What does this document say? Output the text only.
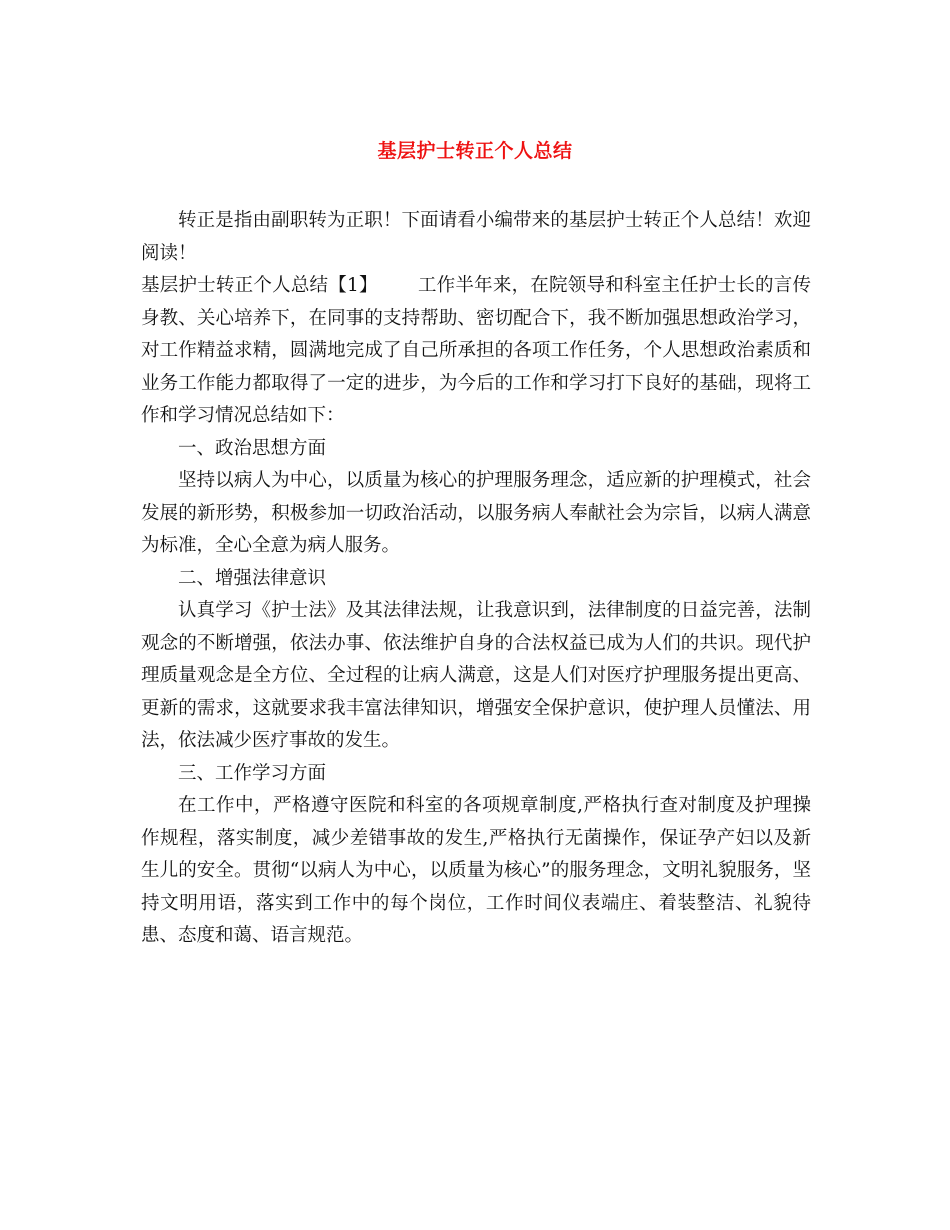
基层护士转正个人总结

转正是指由副职转为正职！下面请看小编带来的基层护士转正个人总结！欢迎阅读！

基层护士转正个人总结【1】 工作半年来，在院领导和科室主任护士长的言传身教、关心培养下，在同事的支持帮助、密切配合下，我不断加强思想政治学习，对工作精益求精，圆满地完成了自己所承担的各项工作任务，个人思想政治素质和业务工作能力都取得了一定的进步，为今后的工作和学习打下良好的基础，现将工作和学习情况总结如下：

一、政治思想方面

坚持以病人为中心，以质量为核心的护理服务理念，适应新的护理模式，社会发展的新形势，积极参加一切政治活动，以服务病人奉献社会为宗旨，以病人满意为标准，全心全意为病人服务。

二、增强法律意识

认真学习《护士法》及其法律法规，让我意识到，法律制度的日益完善，法制观念的不断增强，依法办事、依法维护自身的合法权益已成为人们的共识。现代护理质量观念是全方位、全过程的让病人满意，这是人们对医疗护理服务提出更高、更新的需求，这就要求我丰富法律知识，增强安全保护意识，使护理人员懂法、用法，依法减少医疗事故的发生。

三、工作学习方面

在工作中，严格遵守医院和科室的各项规章制度,严格执行查对制度及护理操作规程，落实制度，减少差错事故的发生,严格执行无菌操作，保证孕产妇以及新生儿的安全。贯彻“以病人为中心，以质量为核心”的服务理念，文明礼貌服务，坚持文明用语，落实到工作中的每个岗位，工作时间仪表端庄、着装整洁、礼貌待患、态度和蔼、语言规范。
